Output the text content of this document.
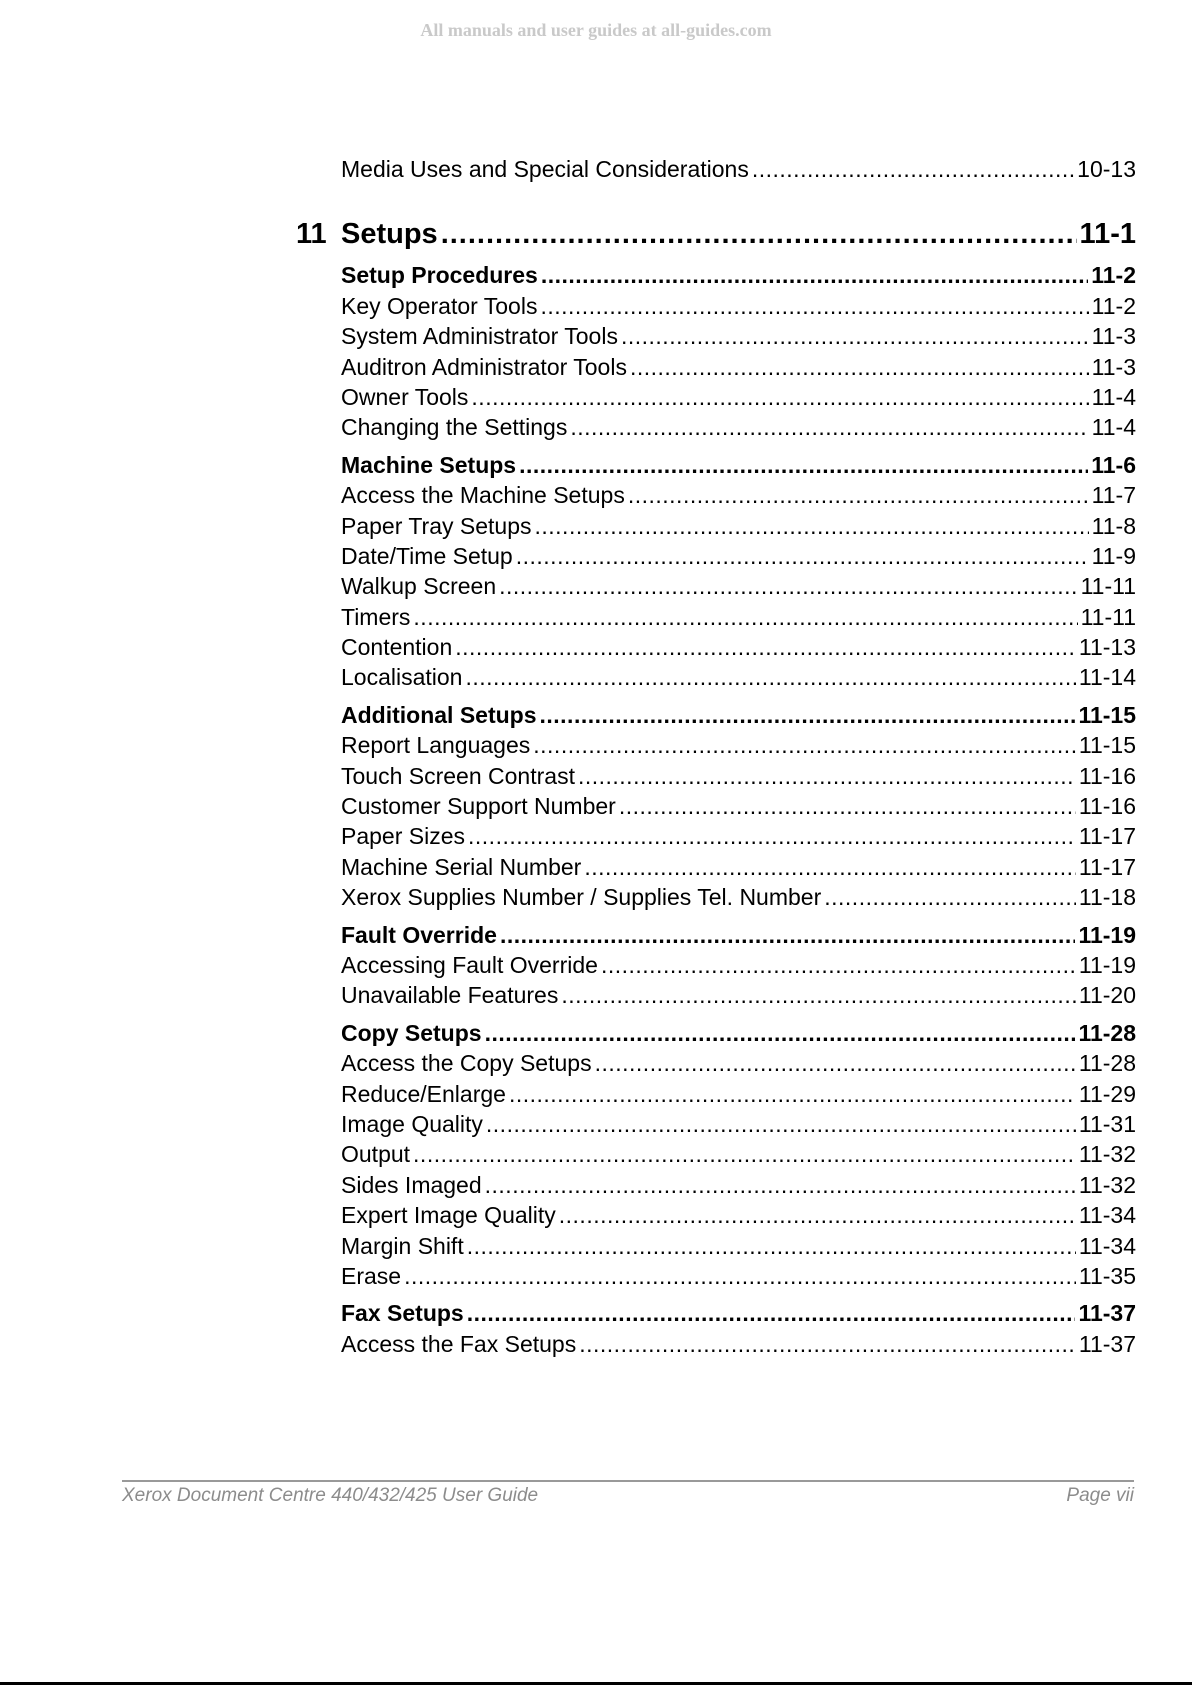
All manuals and user guides at all-guides.com
Media Uses and Special Considerations .....	10-13
11 Setups .....	11-1
Setup Procedures .....	11-2
Key Operator Tools .....	11-2
System Administrator Tools .....	11-3
Auditron Administrator Tools .....	11-3
Owner Tools .....	11-4
Changing the Settings .....	11-4
Machine Setups .....	11-6
Access the Machine Setups .....	11-7
Paper Tray Setups .....	11-8
Date/Time Setup .....	11-9
Walkup Screen .....	11-11
Timers .....	11-11
Contention .....	11-13
Localisation .....	11-14
Additional Setups .....	11-15
Report Languages .....	11-15
Touch Screen Contrast .....	11-16
Customer Support Number .....	11-16
Paper Sizes .....	11-17
Machine Serial Number .....	11-17
Xerox Supplies Number / Supplies Tel. Number .....	11-18
Fault Override .....	11-19
Accessing Fault Override .....	11-19
Unavailable Features .....	11-20
Copy Setups .....	11-28
Access the Copy Setups .....	11-28
Reduce/Enlarge .....	11-29
Image Quality .....	11-31
Output .....	11-32
Sides Imaged .....	11-32
Expert Image Quality .....	11-34
Margin Shift .....	11-34
Erase .....	11-35
Fax Setups .....	11-37
Access the Fax Setups .....	11-37
Xerox Document Centre 440/432/425 User Guide	Page vii
